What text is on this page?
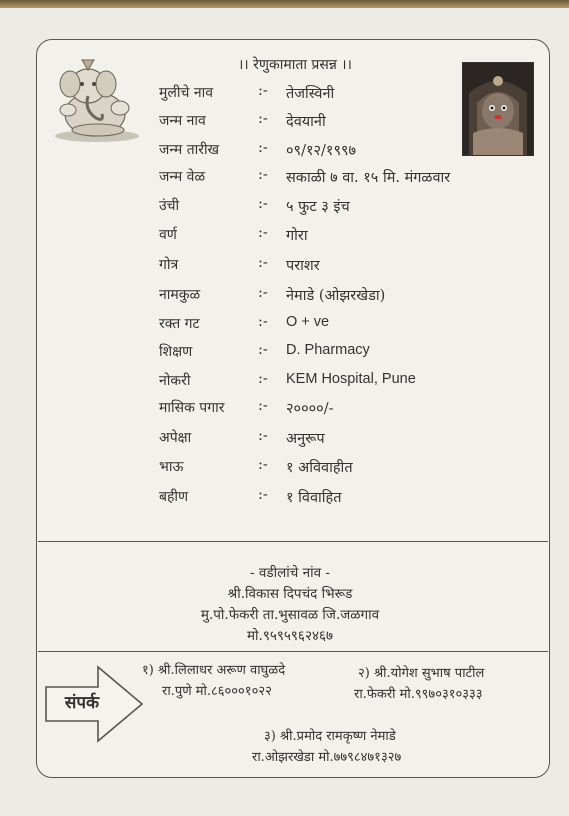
।। रेणुकामाता प्रसन्न ।।
मुलीचे नाव	:- तेजस्विनी
जन्म नाव	:- देवयानी
जन्म तारीख	:- ०९/१२/१९९७
जन्म वेळ	:- सकाळी ७ वा. १५ मि. मंगळवार
उंची	:- ५ फुट ३ इंच
वर्ण	:- गोरा
गोत्र	:- पराशर
नामकुळ	:- नेमाडे (ओझरखेडा)
रक्त गट	:- O + ve
शिक्षण	:- D. Pharmacy
नोकरी	:- KEM Hospital, Pune
मासिक पगार :- २००००/-
अपेक्षा	:- अनुरूप
भाऊ	:- १ अविवाहीत
बहीण	:- १ विवाहित
- वडीलांचे नांव -
श्री.विकास दिपचंद भिरूड
मु.पो.फेकरी ता.भुसावळ जि.जळगाव
मो.९५९५९६२४६७
संपर्क
१) श्री.लिलाधर अरूण वाघुळदे
रा.पुणे मो.८६०००१०२२
२) श्री.योगेश सुभाष पाटील
रा.फेकरी मो.९९७०३१०३३३
३) श्री.प्रमोद रामकृष्ण नेमाडे
रा.ओझरखेडा मो.७७९८४७१३२७
